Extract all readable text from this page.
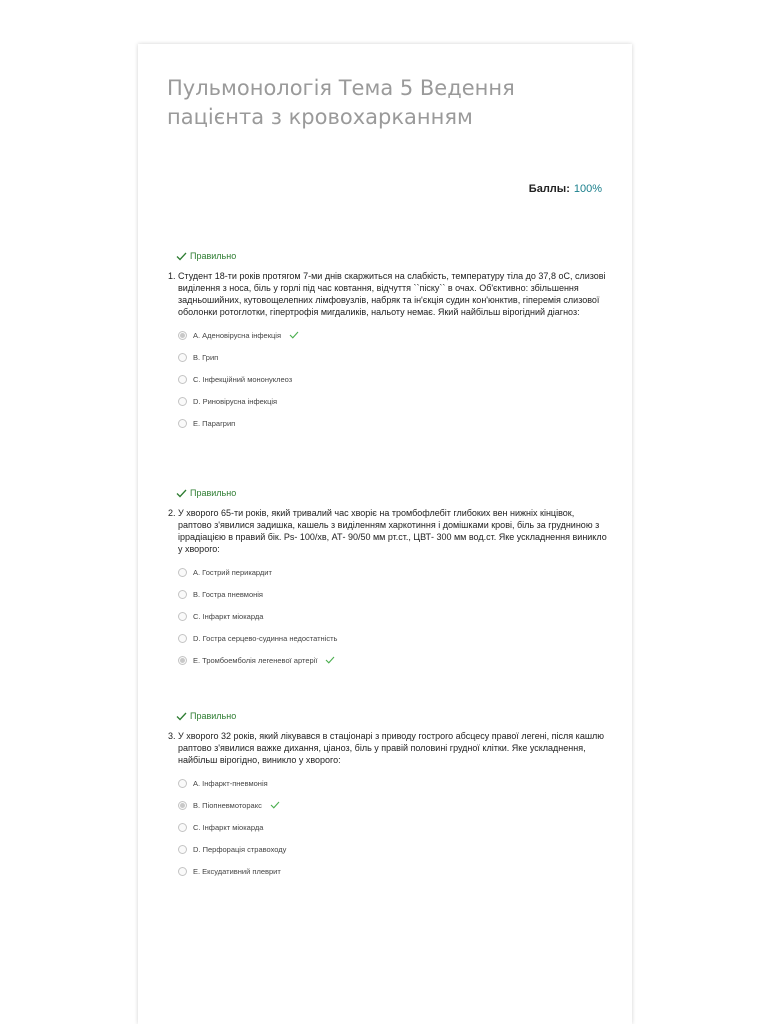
Пульмонологія Тема 5 Ведення пацієнта з кровохарканням
Баллы: 100%
Правильно
1. Студент 18-ти років протягом 7-ми днів скаржиться на слабкість, температуру тіла до 37,8 оС, слизові виділення з носа, біль у горлі під час ковтання, відчуття ``піску`` в очах. Об'єктивно: збільшення задньошийних, кутовощелепних лімфовузлів, набряк та ін'єкція судин кон'юнктив, гіперемія слизової оболонки ротоглотки, гіпертрофія мигдаликів, нальоту немає. Який найбільш вірогідний діагноз:
A. Аденовірусна інфекція
B. Грип
C. Інфекційний мононуклеоз
D. Риновірусна інфекція
E. Парагрип
Правильно
2. У хворого 65-ти років, який тривалий час хворіє на тромбофлебіт глибоких вен нижніх кінцівок, раптово з'явилися задишка, кашель з виділенням харкотиння і домішками крові, біль за грудниною з іррадіацією в правий бік. Ps- 100/хв, АТ- 90/50 мм рт.ст., ЦВТ- 300 мм вод.ст. Яке ускладнення виникло у хворого:
A. Гострий перикардит
B. Гостра пневмонія
C. Інфаркт міокарда
D. Гостра серцево-судинна недостатність
E. Тромбоемболія легеневої артерії
Правильно
3. У хворого 32 років, який лікувався в стаціонарі з приводу гострого абсцесу правої легені, після кашлю раптово з'явилися важке дихання, ціаноз, біль у правій половині грудної клітки. Яке ускладнення, найбільш вірогідно, виникло у хворого:
A. Інфаркт-пневмонія
B. Піопневмоторакс
C. Інфаркт міокарда
D. Перфорація стравоходу
E. Ексудативний плеврит
